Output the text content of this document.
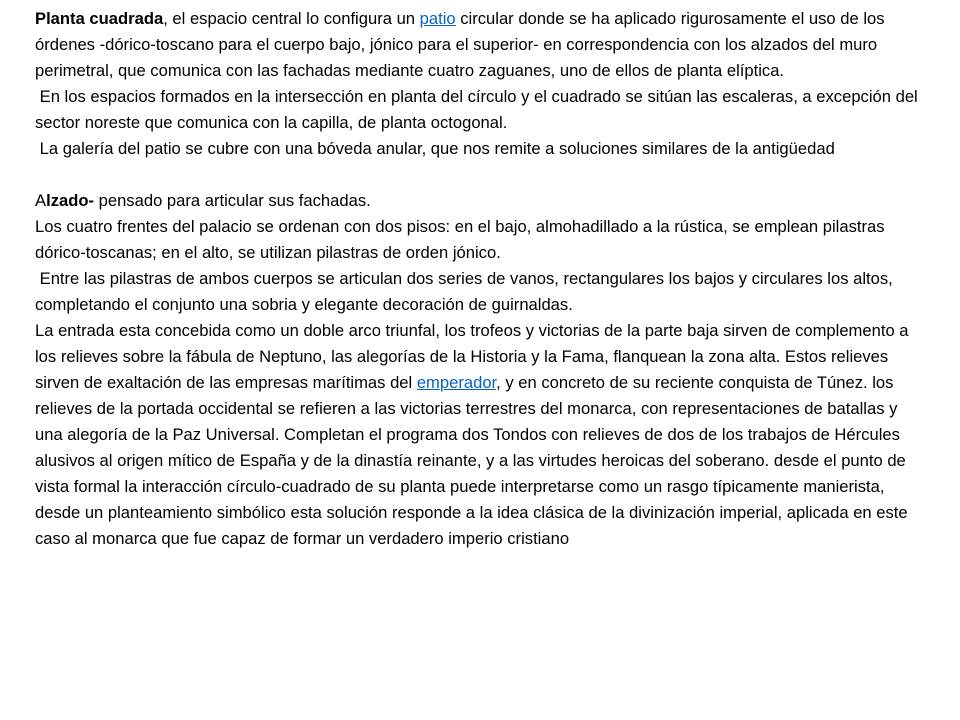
Planta cuadrada, el espacio central lo configura un patio circular donde se ha aplicado rigurosamente el uso de los órdenes -dórico-toscano para el cuerpo bajo, jónico para el superior- en correspondencia con los alzados del muro perimetral, que comunica con las fachadas mediante cuatro zaguanes, uno de ellos de planta elíptica.

En los espacios formados en la intersección en planta del círculo y el cuadrado se sitúan las escaleras, a excepción del sector noreste que comunica con la capilla, de planta octogonal.

La galería del patio se cubre con una bóveda anular, que nos remite a soluciones similares de la antigüedad

Alzado- pensado para articular sus fachadas.

Los cuatro frentes del palacio se ordenan con dos pisos: en el bajo, almohadillado a la rústica, se emplean pilastras dórico-toscanas; en el alto, se utilizan pilastras de orden jónico.

Entre las pilastras de ambos cuerpos se articulan dos series de vanos, rectangulares los bajos y circulares los altos, completando el conjunto una sobria y elegante decoración de guirnaldas.

La entrada esta concebida como un doble arco triunfal, los trofeos y victorias de la parte baja sirven de complemento a los relieves sobre la fábula de Neptuno, las alegorías de la Historia y la Fama, flanquean la zona alta. Estos relieves sirven de exaltación de las empresas marítimas del emperador, y en concreto de su reciente conquista de Túnez. los relieves de la portada occidental se refieren a las victorias terrestres del monarca, con representaciones de batallas y una alegoría de la Paz Universal. Completan el programa dos Tondos con relieves de dos de los trabajos de Hércules alusivos al origen mítico de España y de la dinastía reinante, y a las virtudes heroicas del soberano. desde el punto de vista formal la interacción círculo-cuadrado de su planta puede interpretarse como un rasgo típicamente manierista, desde un planteamiento simbólico esta solución responde a la idea clásica de la divinización imperial, aplicada en este caso al monarca que fue capaz de formar un verdadero imperio cristiano
